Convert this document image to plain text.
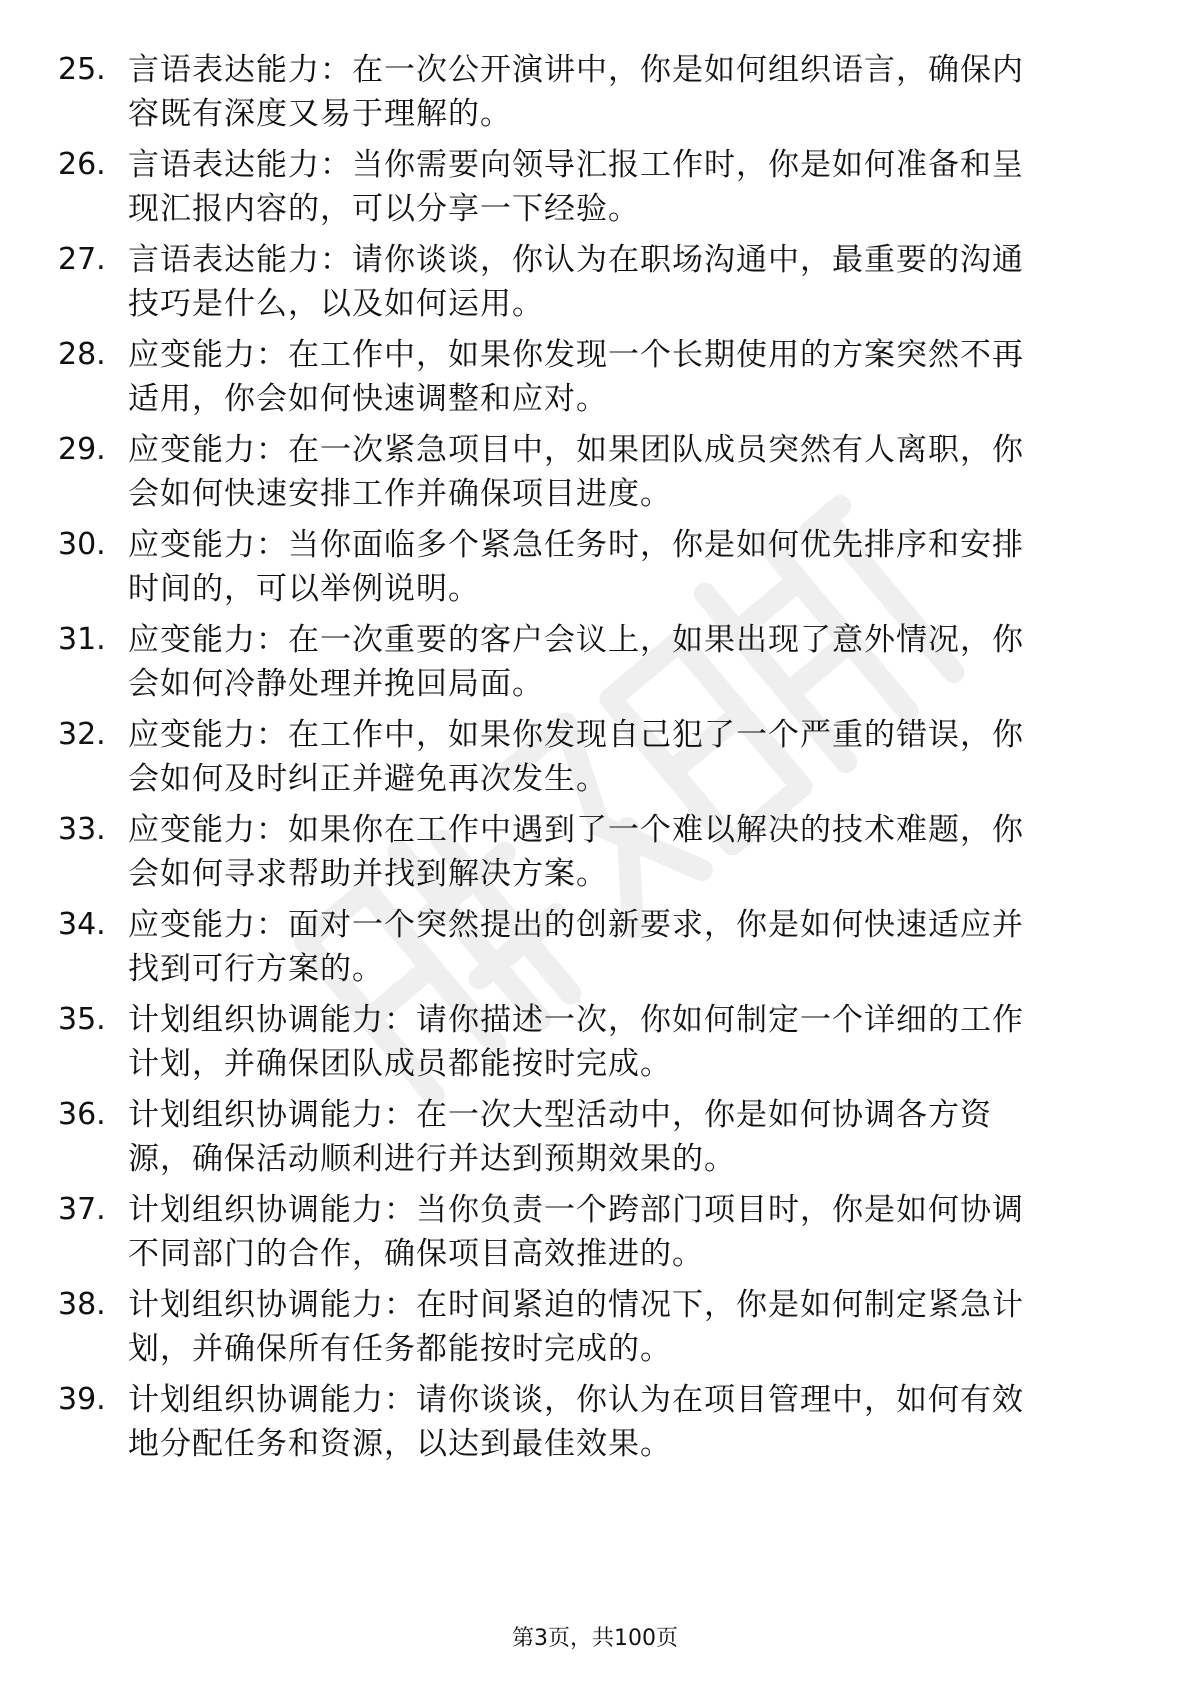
25. 言语表达能力：在一次公开演讲中，你是如何组织语言，确保内
容既有深度又易于理解的。
26. 言语表达能力：当你需要向领导汇报工作时，你是如何准备和呈
现汇报内容的，可以分享一下经验。
27. 言语表达能力：请你谈谈，你认为在职场沟通中，最重要的沟通
技巧是什么，以及如何运用。
28. 应变能力：在工作中，如果你发现一个长期使用的方案突然不再
适用，你会如何快速调整和应对。
29. 应变能力：在一次紧急项目中，如果团队成员突然有人离职，你
会如何快速安排工作并确保项目进度。
30. 应变能力：当你面临多个紧急任务时，你是如何优先排序和安排
时间的，可以举例说明。
31. 应变能力：在一次重要的客户会议上，如果出现了意外情况，你
会如何冷静处理并挽回局面。
32. 应变能力：在工作中，如果你发现自己犯了一个严重的错误，你
会如何及时纠正并避免再次发生。
33. 应变能力：如果你在工作中遇到了一个难以解决的技术难题，你
会如何寻求帮助并找到解决方案。
34. 应变能力：面对一个突然提出的创新要求，你是如何快速适应并
找到可行方案的。
35. 计划组织协调能力：请你描述一次，你如何制定一个详细的工作
计划，并确保团队成员都能按时完成。
36. 计划组织协调能力：在一次大型活动中，你是如何协调各方资
源，确保活动顺利进行并达到预期效果的。
37. 计划组织协调能力：当你负责一个跨部门项目时，你是如何协调
不同部门的合作，确保项目高效推进的。
38. 计划组织协调能力：在时间紧迫的情况下，你是如何制定紧急计
划，并确保所有任务都能按时完成的。
39. 计划组织协调能力：请你谈谈，你认为在项目管理中，如何有效
地分配任务和资源，以达到最佳效果。
第3页，共100页
